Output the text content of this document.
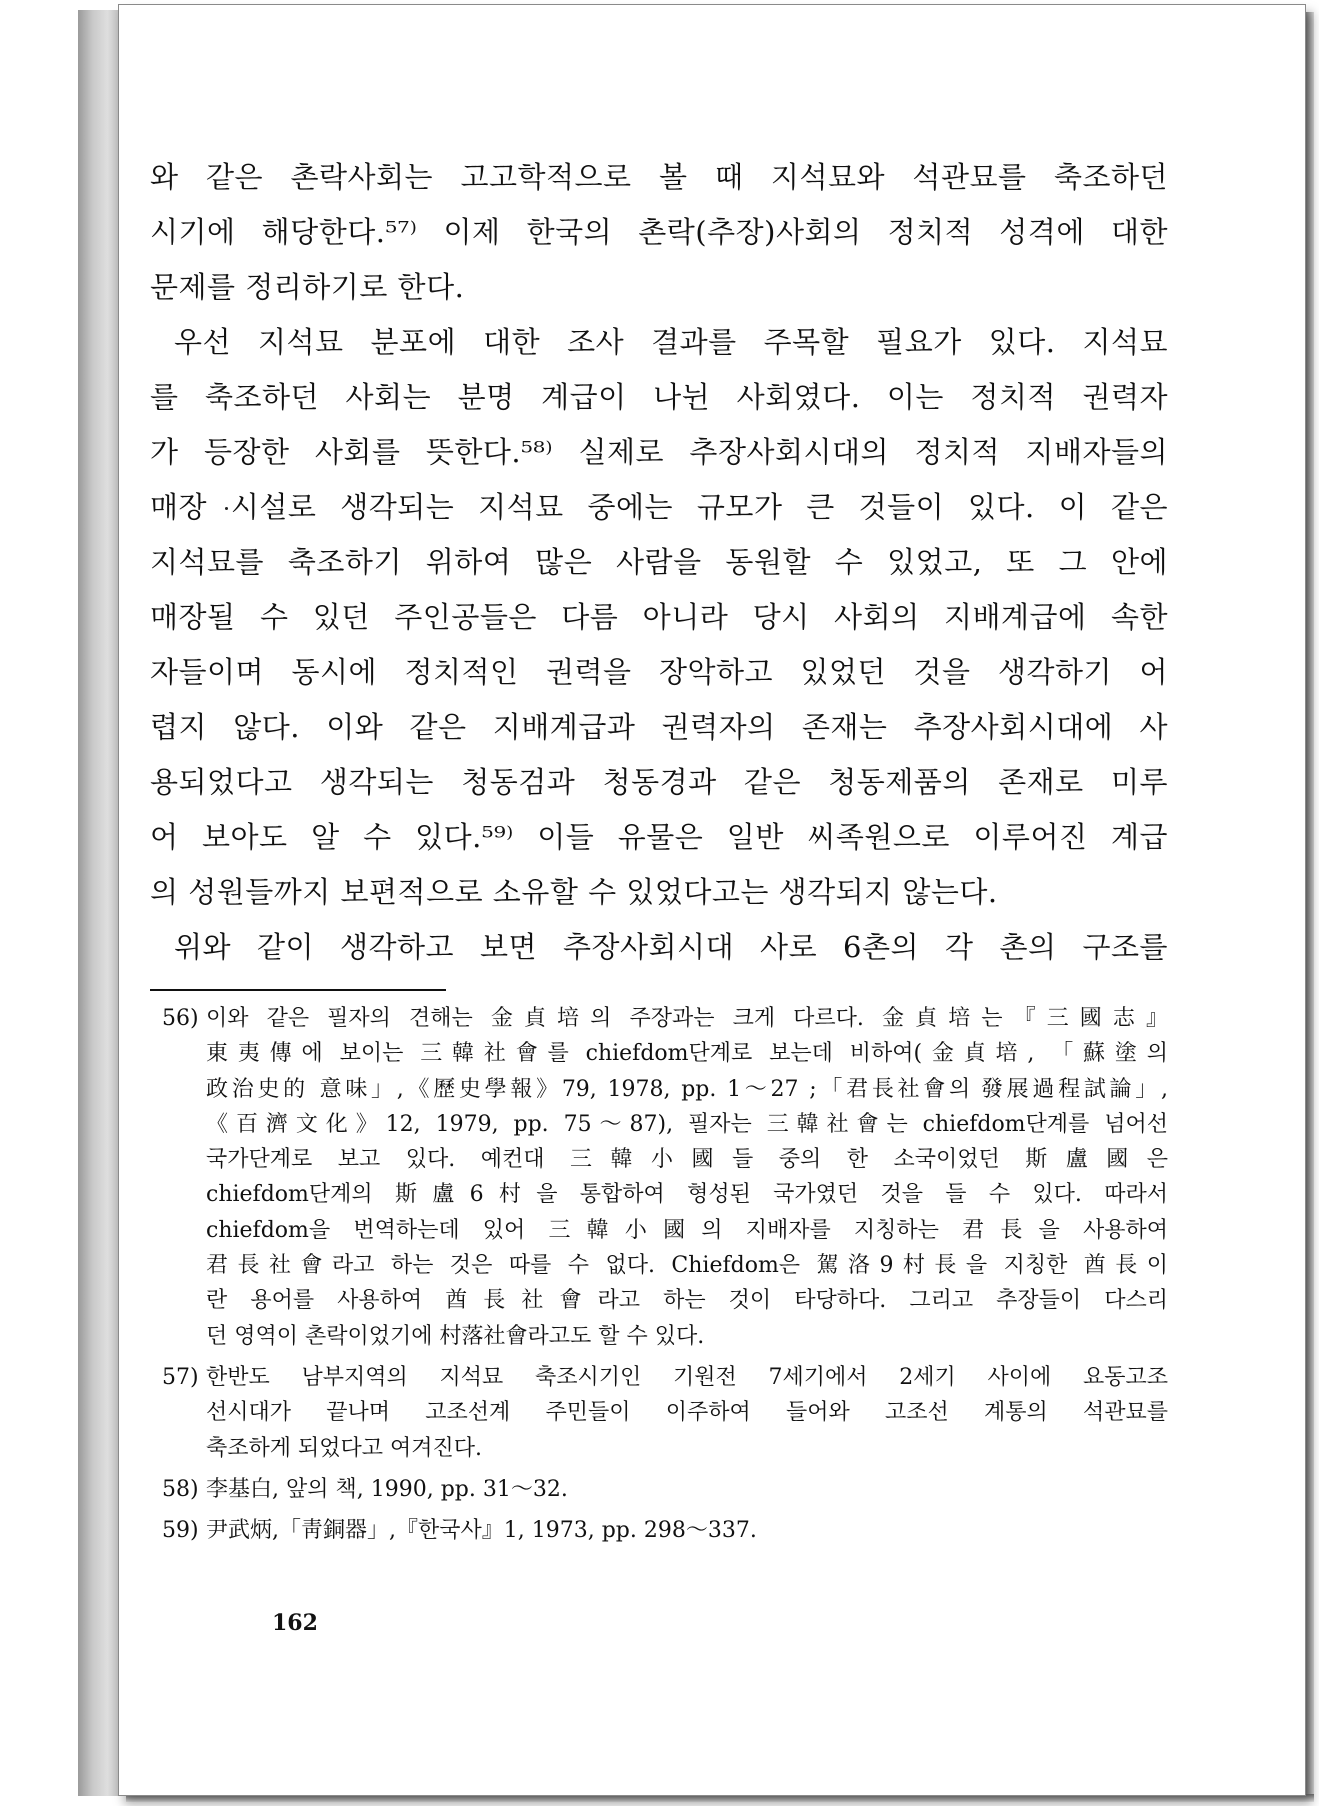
와 같은 촌락사회는 고고학적으로 볼 때 지석묘와 석관묘를 축조하던
시기에 해당한다.⁵⁷⁾ 이제 한국의 촌락(추장)사회의 정치적 성격에 대한
문제를 정리하기로 한다.
우선 지석묘 분포에 대한 조사 결과를 주목할 필요가 있다. 지석묘
를 축조하던 사회는 분명 계급이 나뉜 사회였다. 이는 정치적 권력자
가 등장한 사회를 뜻한다.⁵⁸⁾ 실제로 추장사회시대의 정치적 지배자들의
매장 시설로 생각되는 지석묘 중에는 규모가 큰 것들이 있다. 이 같은
지석묘를 축조하기 위하여 많은 사람을 동원할 수 있었고, 또 그 안에
매장될 수 있던 주인공들은 다름 아니라 당시 사회의 지배계급에 속한
자들이며 동시에 정치적인 권력을 장악하고 있었던 것을 생각하기 어
렵지 않다. 이와 같은 지배계급과 권력자의 존재는 추장사회시대에 사
용되었다고 생각되는 청동검과 청동경과 같은 청동제품의 존재로 미루
어 보아도 알 수 있다.⁵⁹⁾ 이들 유물은 일반 씨족원으로 이루어진 계급
의 성원들까지 보편적으로 소유할 수 있었다고는 생각되지 않는다.
위와 같이 생각하고 보면 추장사회시대 사로 6촌의 각 촌의 구조를
56) 이와 같은 필자의 견해는 金貞培의 주장과는 크게 다르다. 金貞培는『三國志』
東夷傳에 보이는 三韓社會를 chiefdom단계로 보는데 비하여(金貞培, 「蘇塗의
政治史的 意味」,《歷史學報》79, 1978, pp. 1～27 ;「君長社會의 發展過程試論」,
《百濟文化》12, 1979, pp. 75～87), 필자는 三韓社會는 chiefdom단계를 넘어선
국가단계로 보고 있다. 예컨대 三韓小國들 중의 한 소국이었던 斯盧國은
chiefdom단계의 斯盧6村을 통합하여 형성된 국가였던 것을 들 수 있다. 따라서
chiefdom을 번역하는데 있어 三韓小國의 지배자를 지칭하는 君長을 사용하여
君長社會라고 하는 것은 따를 수 없다. Chiefdom은 駕洛9村長을 지칭한 酋長이
란 용어를 사용하여 酋長社會라고 하는 것이 타당하다. 그리고 추장들이 다스리
던 영역이 촌락이었기에 村落社會라고도 할 수 있다.
57) 한반도 남부지역의 지석묘 축조시기인 기원전 7세기에서 2세기 사이에 요동고조
선시대가 끝나며 고조선계 주민들이 이주하여 들어와 고조선 계통의 석관묘를
축조하게 되었다고 여겨진다.
58) 李基白, 앞의 책, 1990, pp. 31～32.
59) 尹武炳,「靑銅器」,『한국사』1, 1973, pp. 298～337.
162
